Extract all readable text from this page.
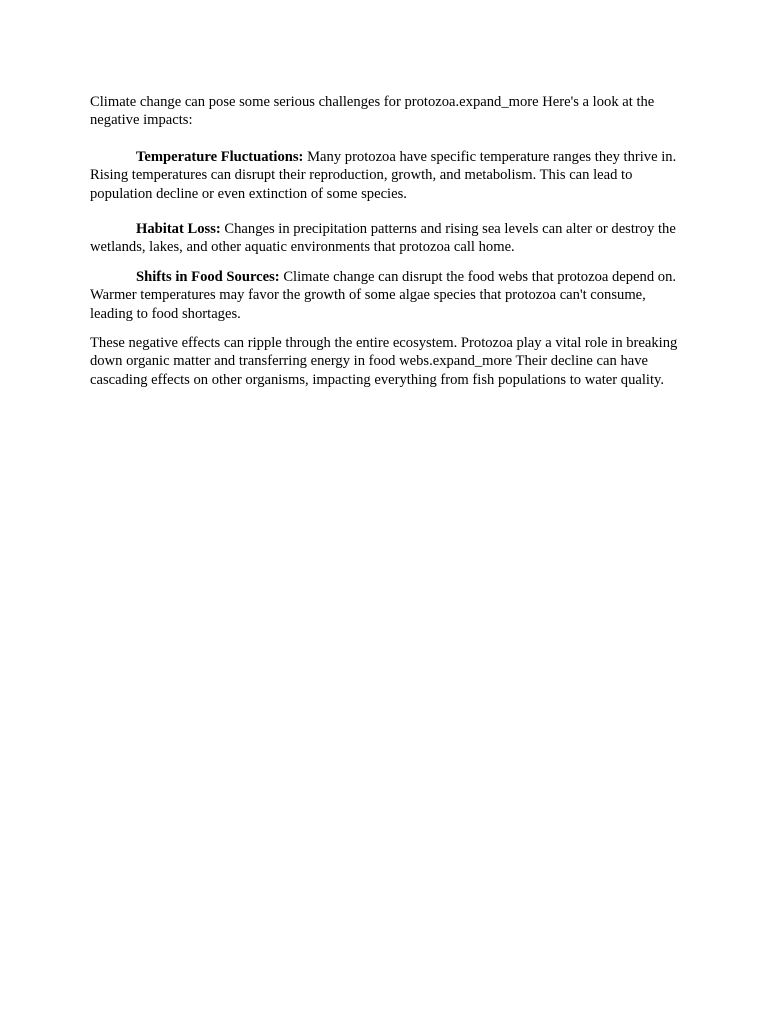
Climate change can pose some serious challenges for protozoa.expand_more Here's a look at the negative impacts:

Temperature Fluctuations: Many protozoa have specific temperature ranges they thrive in. Rising temperatures can disrupt their reproduction, growth, and metabolism. This can lead to population decline or even extinction of some species.

Habitat Loss: Changes in precipitation patterns and rising sea levels can alter or destroy the wetlands, lakes, and other aquatic environments that protozoa call home.

Shifts in Food Sources: Climate change can disrupt the food webs that protozoa depend on. Warmer temperatures may favor the growth of some algae species that protozoa can't consume, leading to food shortages.

These negative effects can ripple through the entire ecosystem. Protozoa play a vital role in breaking down organic matter and transferring energy in food webs.expand_more Their decline can have cascading effects on other organisms, impacting everything from fish populations to water quality.
